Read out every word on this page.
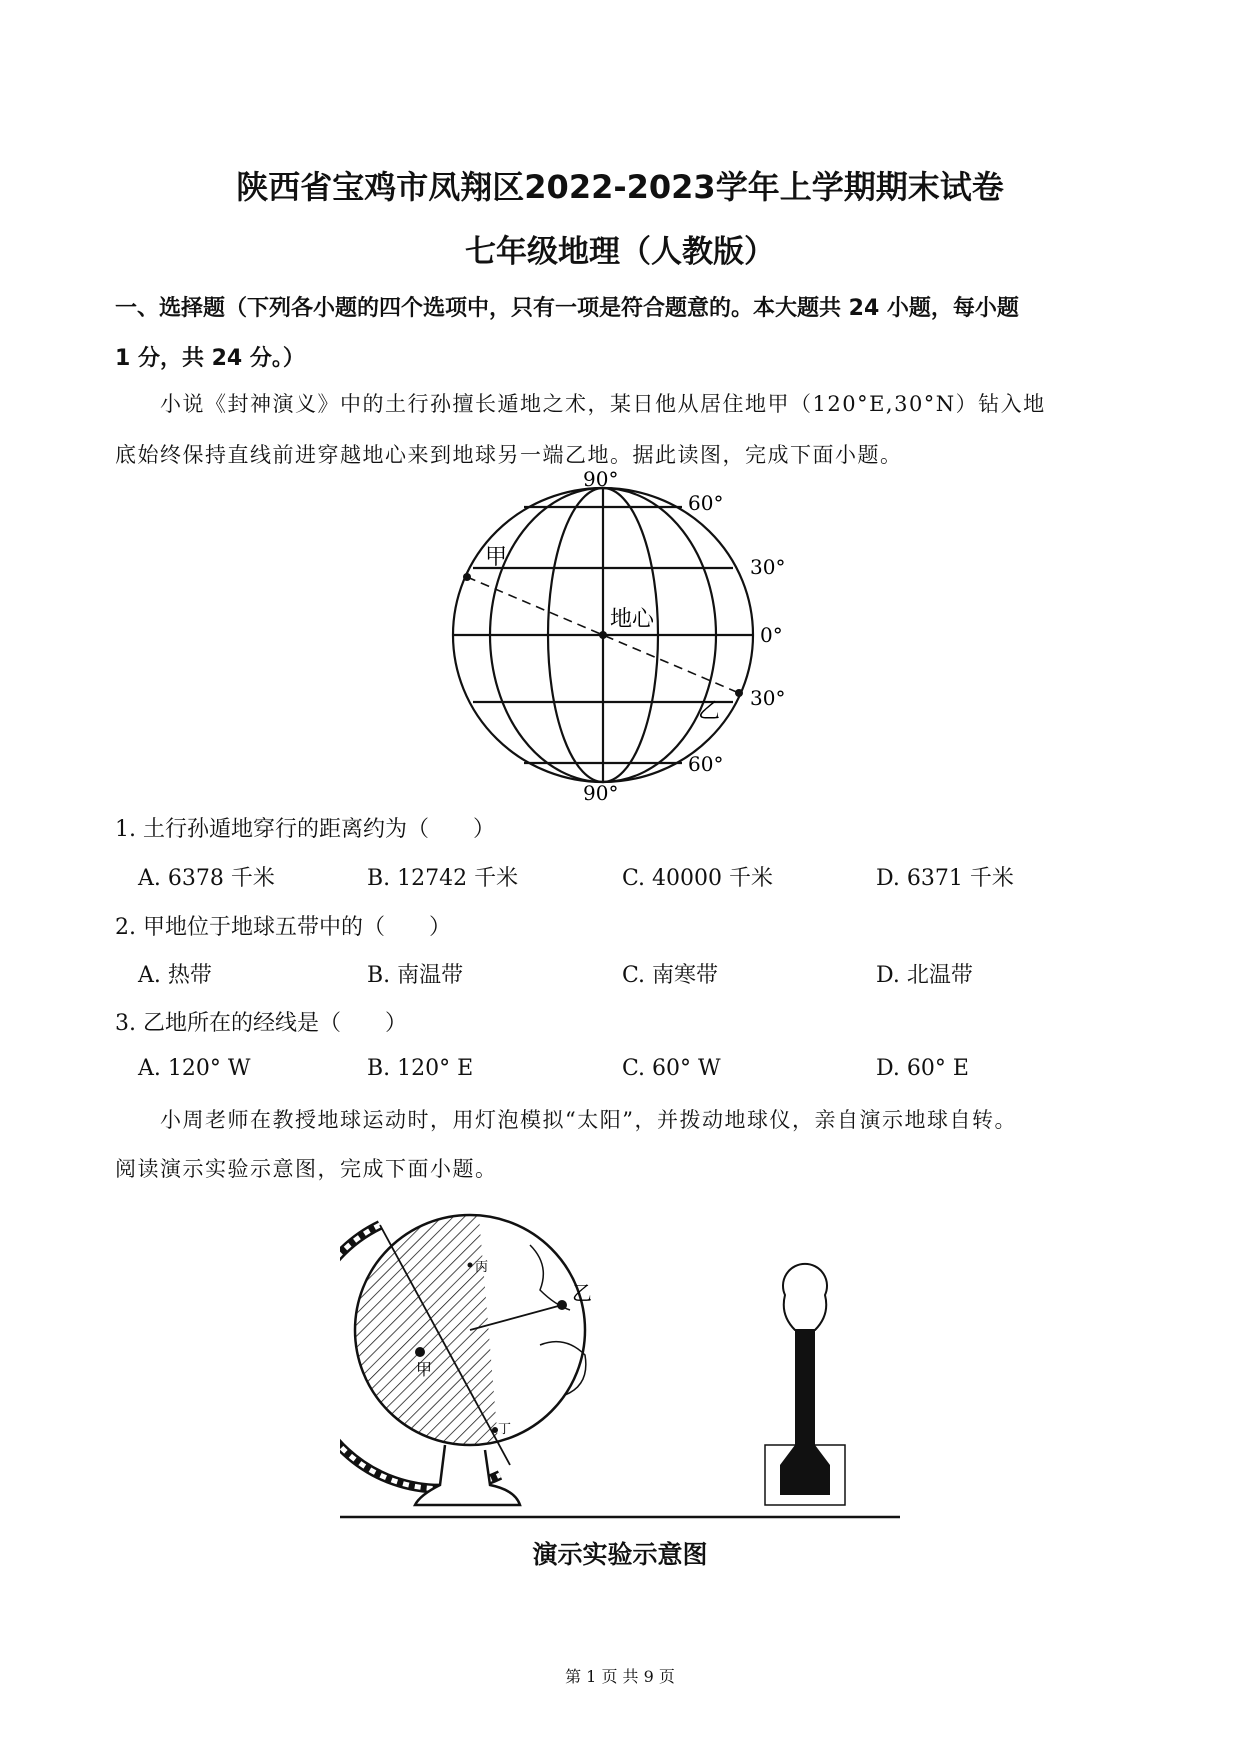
陕西省宝鸡市凤翔区2022-2023学年上学期期末试卷
七年级地理（人教版）
一、选择题（下列各小题的四个选项中，只有一项是符合题意的。本大题共 24 小题，每小题
1 分，共 24 分。）
小说《封神演义》中的土行孙擅长遁地之术，某日他从居住地甲（120°E,30°N）钻入地
底始终保持直线前进穿越地心来到地球另一端乙地。据此读图，完成下面小题。
90°
60°
30°
0°
30°
60°
90°
甲
地心
乙
1. 土行孙遁地穿行的距离约为（　　）
A. 6378 千米	B. 12742 千米	C. 40000 千米	D. 6371 千米
2. 甲地位于地球五带中的（　　）
A. 热带	B. 南温带	C. 南寒带	D. 北温带
3. 乙地所在的经线是（　　）
A. 120° W	B. 120° E	C. 60° W	D. 60° E
小周老师在教授地球运动时，用灯泡模拟“太阳”，并拨动地球仪，亲自演示地球自转。
阅读演示实验示意图，完成下面小题。
乙
甲
丙
丁
演示实验示意图
第 1 页 共 9 页
